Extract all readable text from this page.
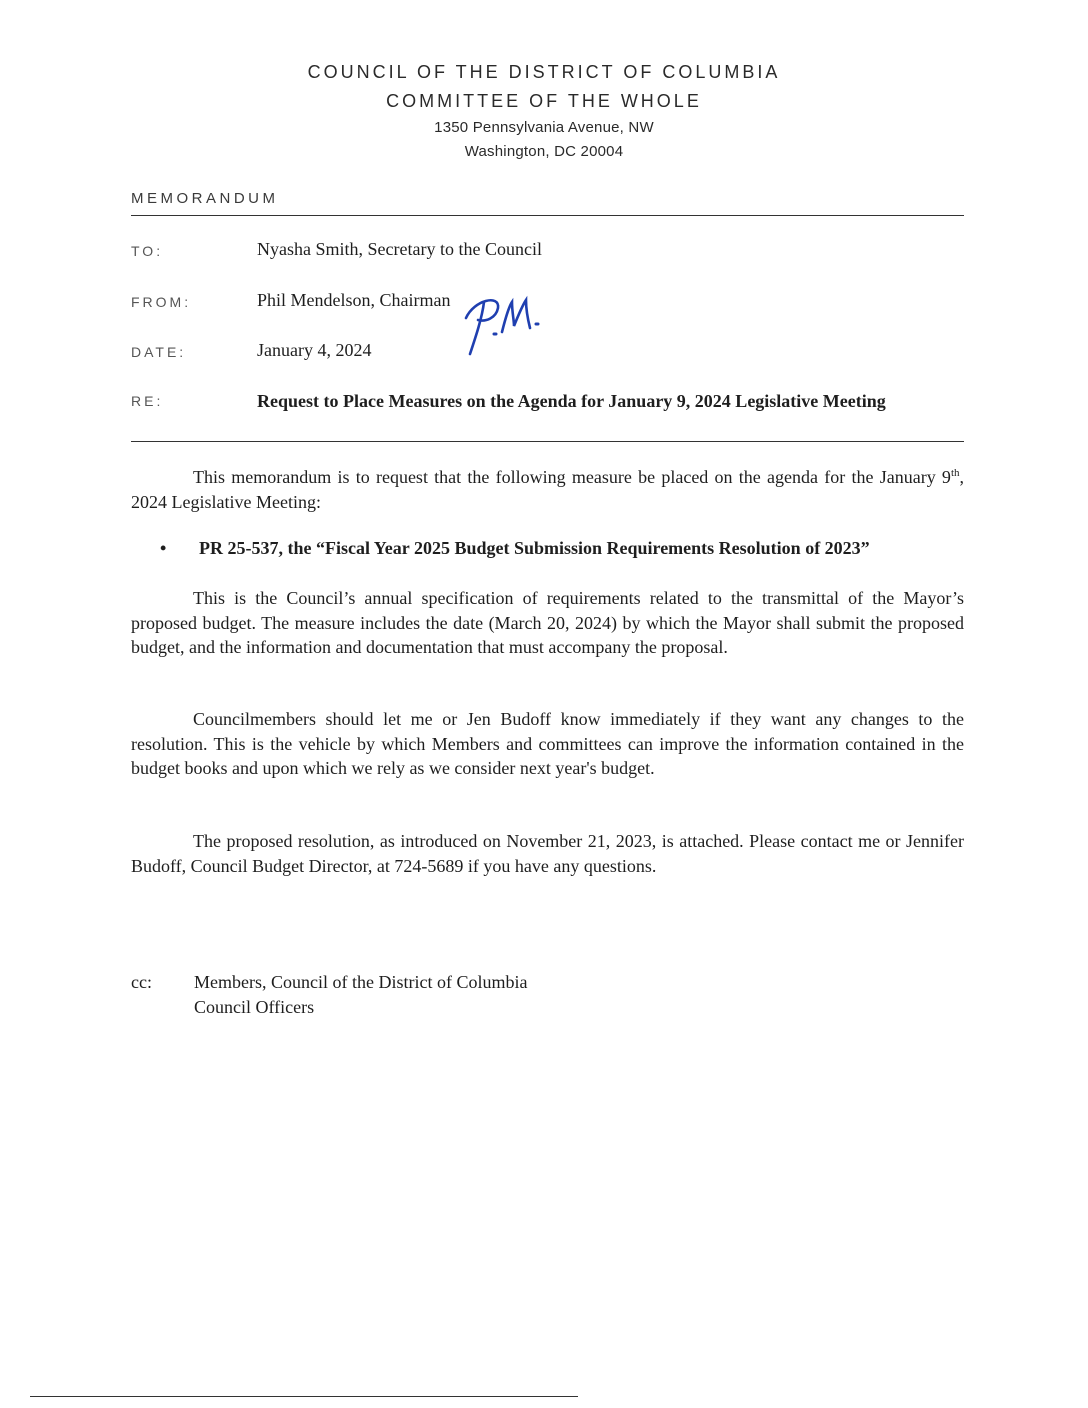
COUNCIL OF THE DISTRICT OF COLUMBIA
COMMITTEE OF THE WHOLE
1350 Pennsylvania Avenue, NW
Washington, DC 20004
MEMORANDUM
TO:	Nyasha Smith, Secretary to the Council
FROM:	Phil Mendelson, Chairman
DATE:	January 4, 2024
RE:	Request to Place Measures on the Agenda for January 9, 2024 Legislative Meeting
This memorandum is to request that the following measure be placed on the agenda for the January 9th, 2024 Legislative Meeting:
• PR 25-537, the “Fiscal Year 2025 Budget Submission Requirements Resolution of 2023”
This is the Council’s annual specification of requirements related to the transmittal of the Mayor’s proposed budget. The measure includes the date (March 20, 2024) by which the Mayor shall submit the proposed budget, and the information and documentation that must accompany the proposal.
Councilmembers should let me or Jen Budoff know immediately if they want any changes to the resolution. This is the vehicle by which Members and committees can improve the information contained in the budget books and upon which we rely as we consider next year's budget.
The proposed resolution, as introduced on November 21, 2023, is attached. Please contact me or Jennifer Budoff, Council Budget Director, at 724-5689 if you have any questions.
cc: Members, Council of the District of Columbia
Council Officers
